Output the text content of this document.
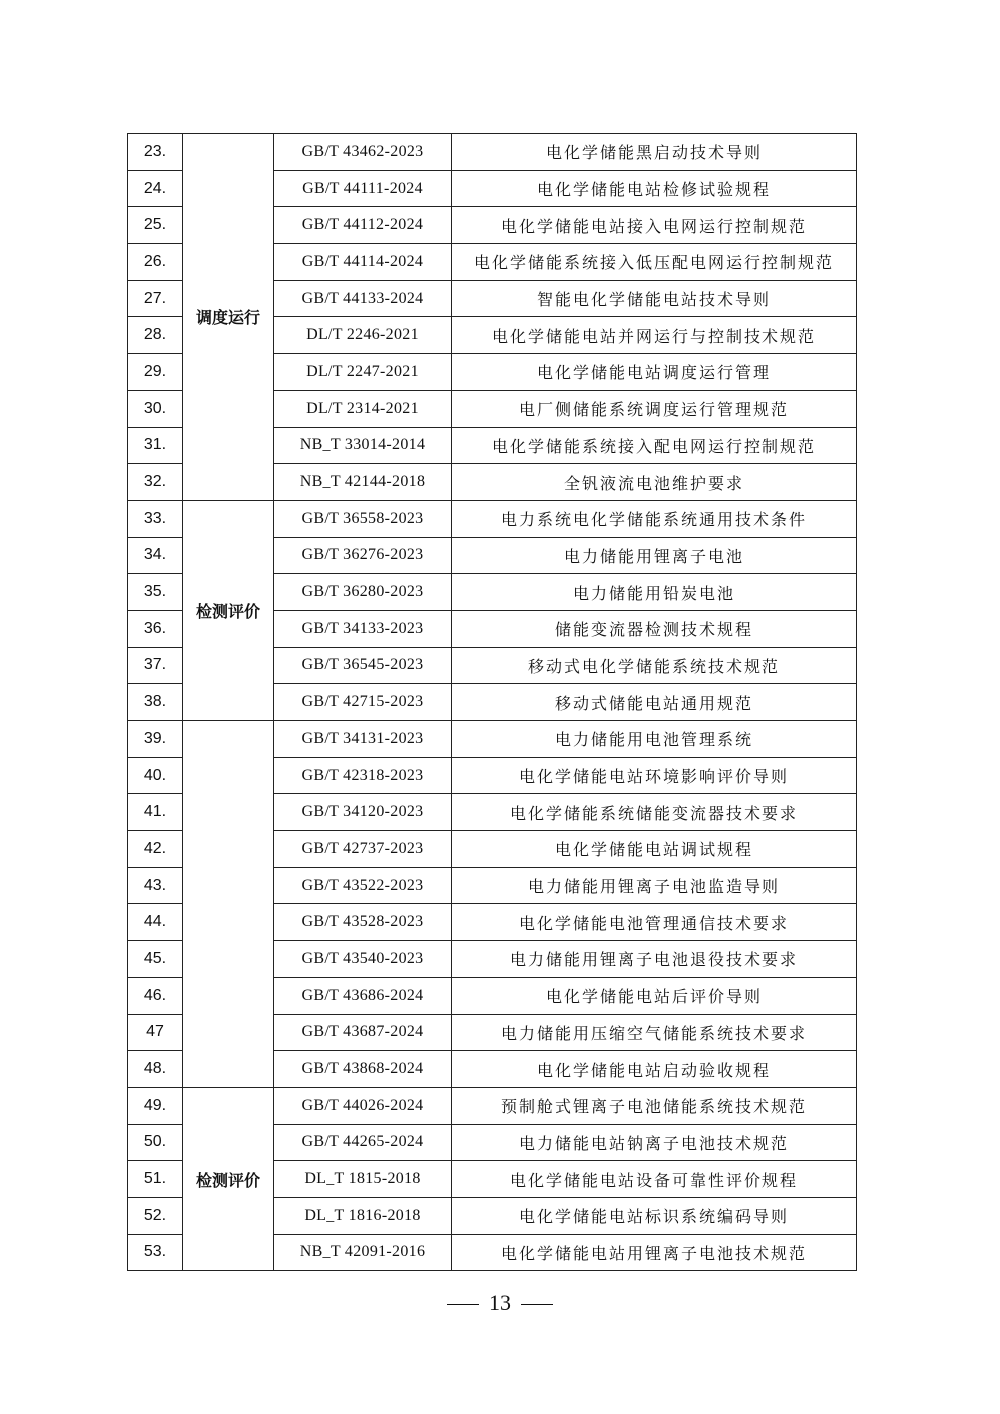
23.	调度运行	GB/T 43462-2023	电化学储能黑启动技术导则
24.		GB/T 44111-2024	电化学储能电站检修试验规程
25.		GB/T 44112-2024	电化学储能电站接入电网运行控制规范
26.		GB/T 44114-2024	电化学储能系统接入低压配电网运行控制规范
27.		GB/T 44133-2024	智能电化学储能电站技术导则
28.		DL/T 2246-2021	电化学储能电站并网运行与控制技术规范
29.		DL/T 2247-2021	电化学储能电站调度运行管理
30.		DL/T 2314-2021	电厂侧储能系统调度运行管理规范
31.		NB_T 33014-2014	电化学储能系统接入配电网运行控制规范
32.		NB_T 42144-2018	全钒液流电池维护要求
33.	检测评价	GB/T 36558-2023	电力系统电化学储能系统通用技术条件
34.		GB/T 36276-2023	电力储能用锂离子电池
35.		GB/T 36280-2023	电力储能用铅炭电池
36.		GB/T 34133-2023	储能变流器检测技术规程
37.		GB/T 36545-2023	移动式电化学储能系统技术规范
38.		GB/T 42715-2023	移动式储能电站通用规范
39.		GB/T 34131-2023	电力储能用电池管理系统
40.		GB/T 42318-2023	电化学储能电站环境影响评价导则
41.		GB/T 34120-2023	电化学储能系统储能变流器技术要求
42.		GB/T 42737-2023	电化学储能电站调试规程
43.		GB/T 43522-2023	电力储能用锂离子电池监造导则
44.		GB/T 43528-2023	电化学储能电池管理通信技术要求
45.		GB/T 43540-2023	电力储能用锂离子电池退役技术要求
46.		GB/T 43686-2024	电化学储能电站后评价导则
47		GB/T 43687-2024	电力储能用压缩空气储能系统技术要求
48.		GB/T 43868-2024	电化学储能电站启动验收规程
49.	检测评价	GB/T 44026-2024	预制舱式锂离子电池储能系统技术规范
50.		GB/T 44265-2024	电力储能电站钠离子电池技术规范
51.		DL_T 1815-2018	电化学储能电站设备可靠性评价规程
52.		DL_T 1816-2018	电化学储能电站标识系统编码导则
53.		NB_T 42091-2016	电化学储能电站用锂离子电池技术规范
13
